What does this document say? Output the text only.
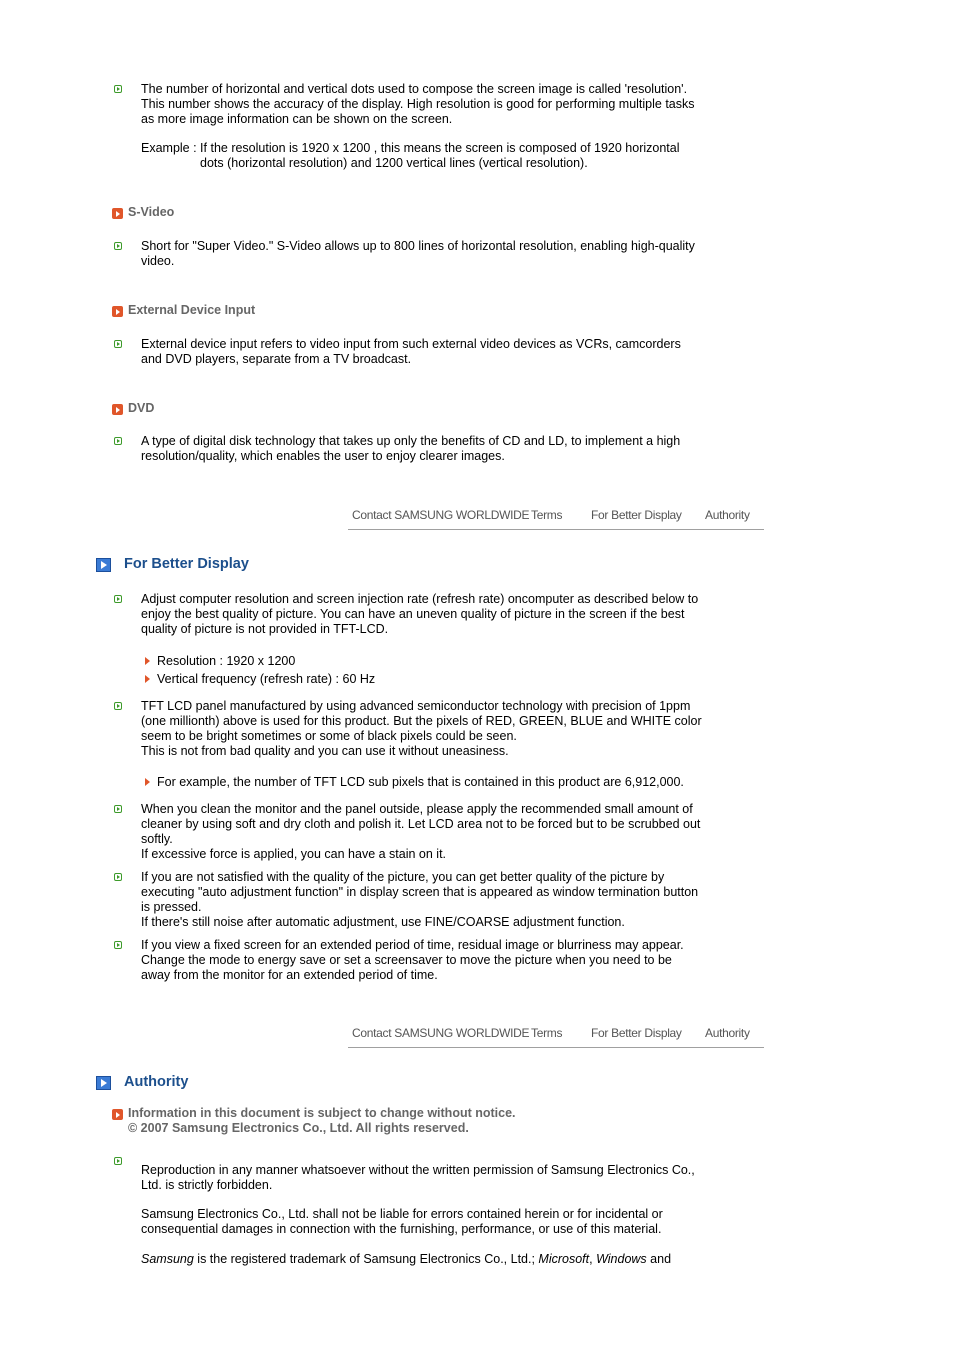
The number of horizontal and vertical dots used to compose the screen image is called 'resolution'.
This number shows the accuracy of the display. High resolution is good for performing multiple tasks
as more image information can be shown on the screen.
Example : If the resolution is 1920 x 1200 , this means the screen is composed of 1920 horizontal
dots (horizontal resolution) and 1200 vertical lines (vertical resolution).
S-Video
Short for "Super Video." S-Video allows up to 800 lines of horizontal resolution, enabling high-quality
video.
External Device Input
External device input refers to video input from such external video devices as VCRs, camcorders
and DVD players, separate from a TV broadcast.
DVD
A type of digital disk technology that takes up only the benefits of CD and LD, to implement a high
resolution/quality, which enables the user to enjoy clearer images.
Contact SAMSUNG WORLDWIDE Terms For Better Display Authority
For Better Display
Adjust computer resolution and screen injection rate (refresh rate) oncomputer as described below to
enjoy the best quality of picture. You can have an uneven quality of picture in the screen if the best
quality of picture is not provided in TFT-LCD.
Resolution : 1920 x 1200
Vertical frequency (refresh rate) : 60 Hz
TFT LCD panel manufactured by using advanced semiconductor technology with precision of 1ppm
(one millionth) above is used for this product. But the pixels of RED, GREEN, BLUE and WHITE color
seem to be bright sometimes or some of black pixels could be seen.
This is not from bad quality and you can use it without uneasiness.
For example, the number of TFT LCD sub pixels that is contained in this product are 6,912,000.
When you clean the monitor and the panel outside, please apply the recommended small amount of
cleaner by using soft and dry cloth and polish it. Let LCD area not to be forced but to be scrubbed out
softly.
If excessive force is applied, you can have a stain on it.
If you are not satisfied with the quality of the picture, you can get better quality of the picture by
executing "auto adjustment function" in display screen that is appeared as window termination button
is pressed.
If there's still noise after automatic adjustment, use FINE/COARSE adjustment function.
If you view a fixed screen for an extended period of time, residual image or blurriness may appear.
Change the mode to energy save or set a screensaver to move the picture when you need to be
away from the monitor for an extended period of time.
Contact SAMSUNG WORLDWIDE Terms For Better Display Authority
Authority
Information in this document is subject to change without notice.
© 2007 Samsung Electronics Co., Ltd. All rights reserved.
Reproduction in any manner whatsoever without the written permission of Samsung Electronics Co.,
Ltd. is strictly forbidden.
Samsung Electronics Co., Ltd. shall not be liable for errors contained herein or for incidental or
consequential damages in connection with the furnishing, performance, or use of this material.
Samsung is the registered trademark of Samsung Electronics Co., Ltd.; Microsoft, Windows and
